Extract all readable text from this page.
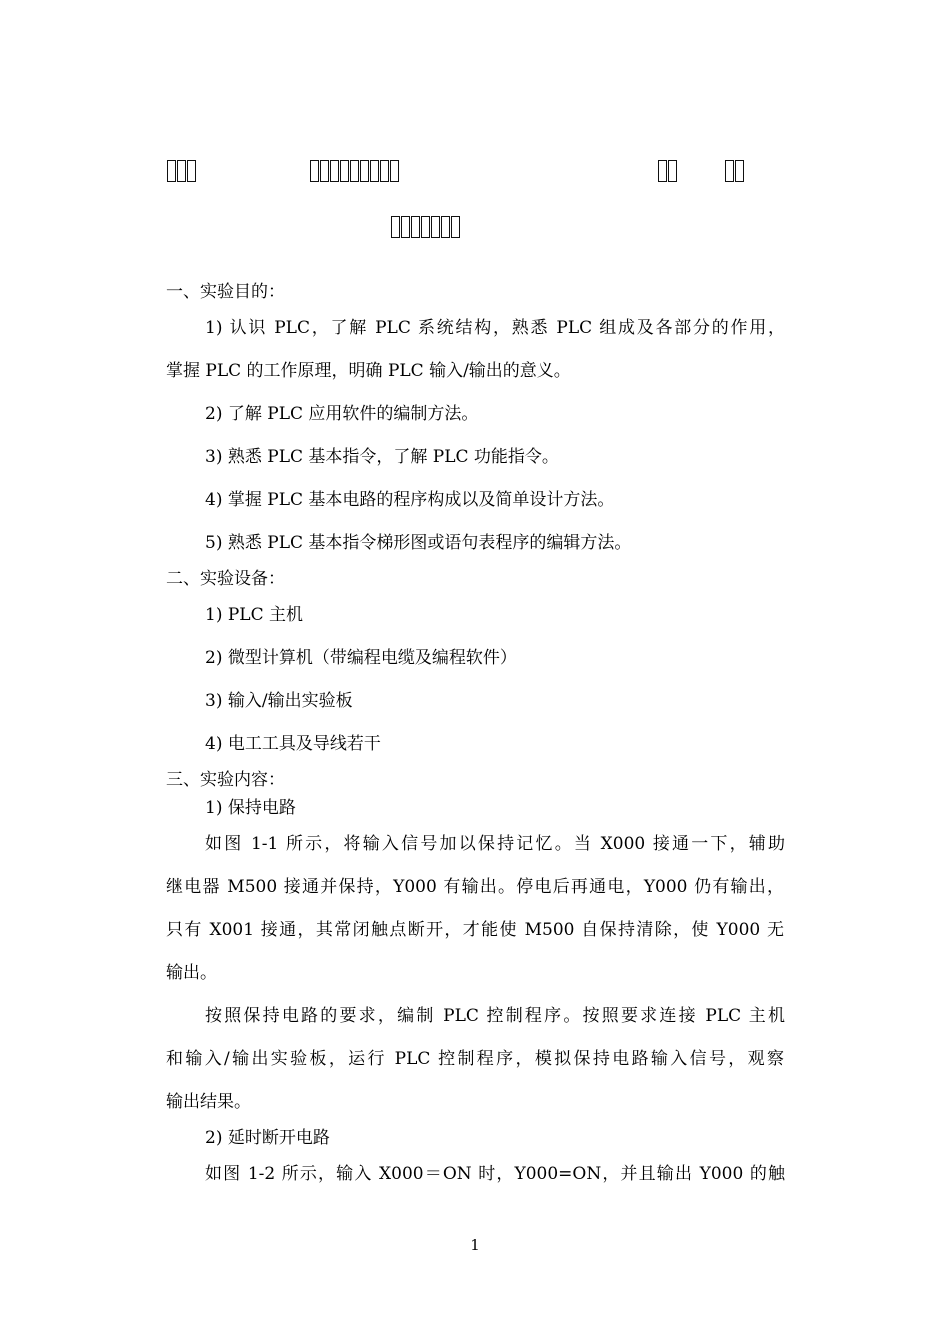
一、实验目的：
1) 认识 PLC，了解 PLC 系统结构，熟悉 PLC 组成及各部分的作用，
掌握 PLC 的工作原理，明确 PLC 输入/输出的意义。
2) 了解 PLC 应用软件的编制方法。
3) 熟悉 PLC 基本指令，了解 PLC 功能指令。
4) 掌握 PLC 基本电路的程序构成以及简单设计方法。
5) 熟悉 PLC 基本指令梯形图或语句表程序的编辑方法。
二、实验设备：
1) PLC 主机
2) 微型计算机（带编程电缆及编程软件）
3) 输入/输出实验板
4) 电工工具及导线若干
三、实验内容：
1) 保持电路
如图 1-1 所示，将输入信号加以保持记忆。当 X000 接通一下，辅助
继电器 M500 接通并保持，Y000 有输出。停电后再通电，Y000 仍有输出，
只有 X001 接通，其常闭触点断开，才能使 M500 自保持清除，使 Y000 无
输出。
按照保持电路的要求，编制 PLC 控制程序。按照要求连接 PLC 主机
和输入/输出实验板，运行 PLC 控制程序，模拟保持电路输入信号，观察
输出结果。
2) 延时断开电路
如图 1-2 所示，输入 X000＝ON 时，Y000=ON，并且输出 Y000 的触
1
